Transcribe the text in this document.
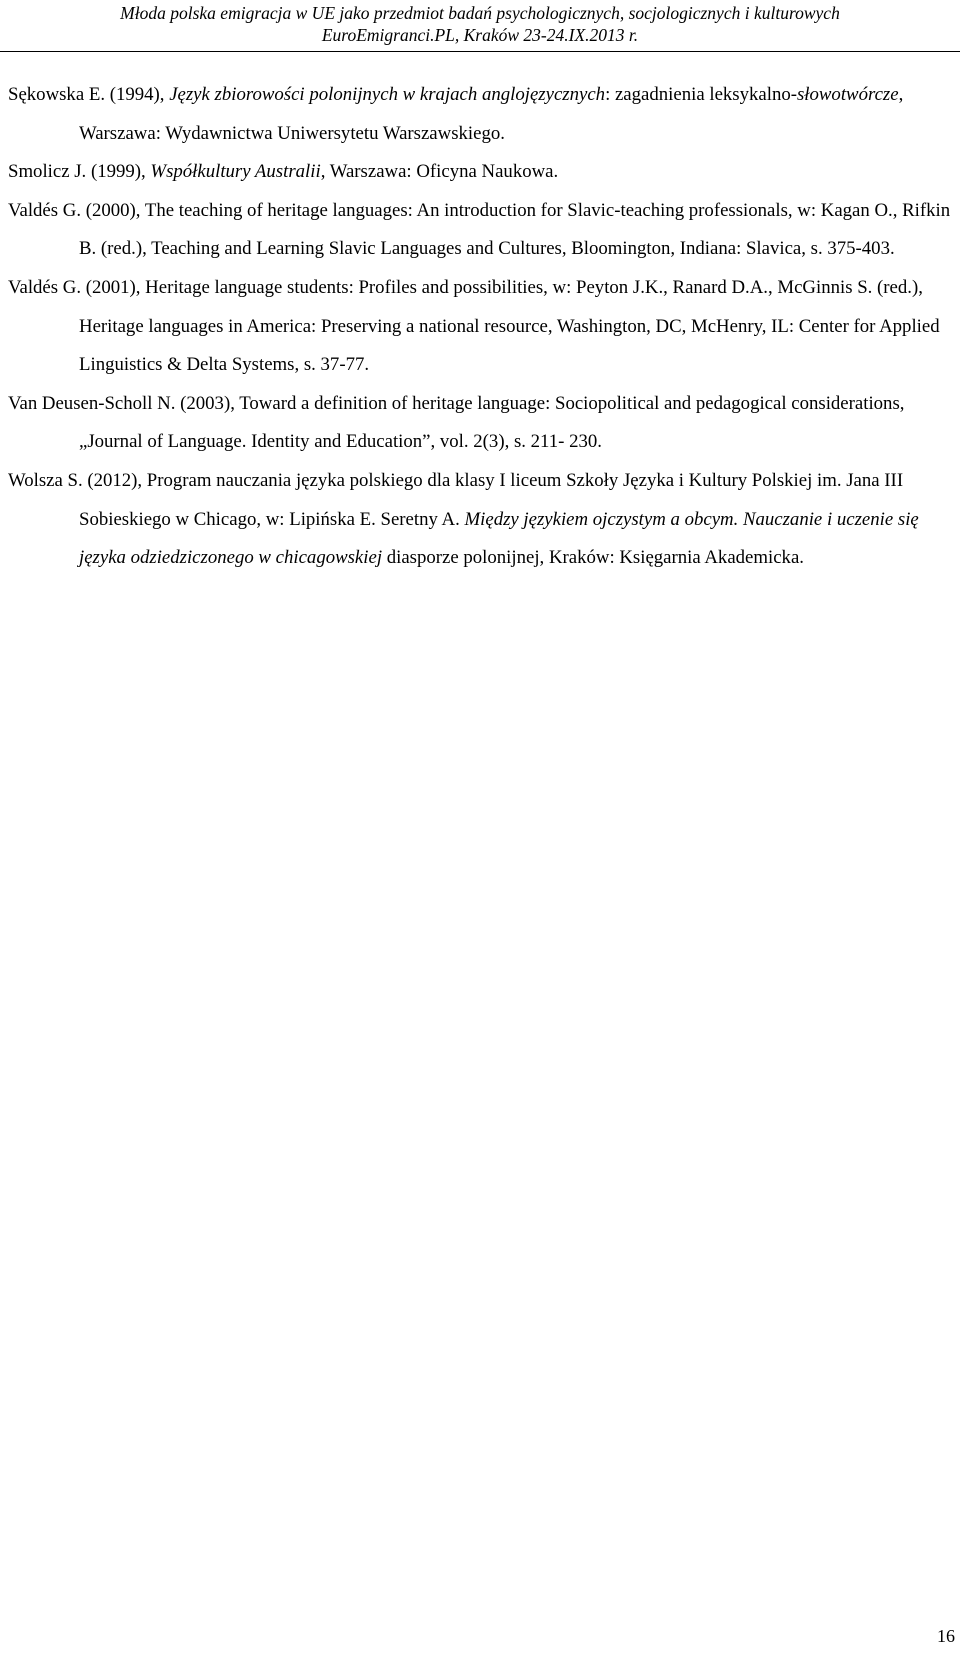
Młoda polska emigracja w UE jako przedmiot badań psychologicznych, socjologicznych i kulturowych
EuroEmigranci.PL, Kraków 23-24.IX.2013 r.

Sękowska E. (1994), Język zbiorowości polonijnych w krajach anglojęzycznych: zagadnienia leksykalno-słowotwórcze, Warszawa: Wydawnictwa Uniwersytetu Warszawskiego.

Smolicz J. (1999), Współkultury Australii, Warszawa: Oficyna Naukowa.

Valdés G. (2000), The teaching of heritage languages: An introduction for Slavic-teaching professionals, w: Kagan O., Rifkin B. (red.), Teaching and Learning Slavic Languages and Cultures, Bloomington, Indiana: Slavica, s. 375-403.

Valdés G. (2001), Heritage language students: Profiles and possibilities, w: Peyton J.K., Ranard D.A., McGinnis S. (red.), Heritage languages in America: Preserving a national resource, Washington, DC, McHenry, IL: Center for Applied Linguistics & Delta Systems, s. 37-77.

Van Deusen-Scholl N. (2003), Toward a definition of heritage language: Sociopolitical and pedagogical considerations, „Journal of Language. Identity and Education”, vol. 2(3), s. 211- 230.

Wolsza S. (2012), Program nauczania języka polskiego dla klasy I liceum Szkoły Języka i Kultury Polskiej im. Jana III Sobieskiego w Chicago, w: Lipińska E. Seretny A. Między językiem ojczystym a obcym. Nauczanie i uczenie się języka odziedziczonego w chicagowskiej diasporze polonijnej, Kraków: Księgarnia Akademicka.

16
